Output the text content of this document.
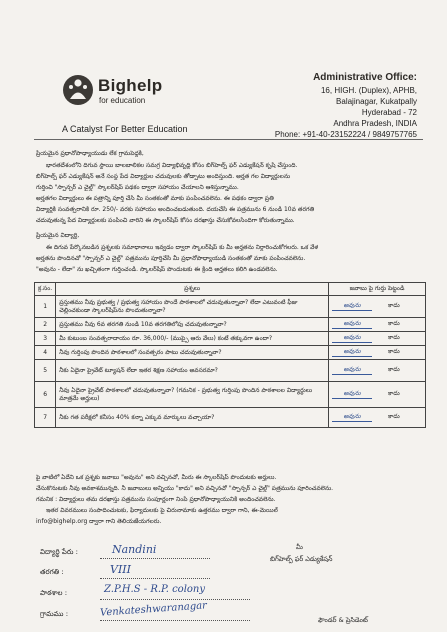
Bighelp
for education
A Catalyst For Better Education
Administrative Office:
16, HIGH. (Duplex), APHB,
Balajinagar, Kukatpally
Hyderabad - 72
Andhra Pradesh, INDIA
Phone: +91-40-23152224 / 9849757765
ప్రియమైన ప్రధానోపాధ్యాయుడు లేక గ్రామపెద్దకి,
భారతదేశంలోని దిగువ స్థాయి బాలబాలికల సమగ్ర విద్యాభివృద్ధి కోసం బిగ్‌హెల్ప్ ఫర్ ఎడ్యుకేషన్ కృషి చేస్తుంది.
బిగ్‌హెల్ప్ ఫర్ ఎడ్యుకేషన్ అనే సంస్థ పేద విద్యార్థుల చదువులకు తోడ్పాటు అందిస్తుంది. అర్హత గల విద్యార్థులను
గుర్తించి "స్పాన్సర్ ఎ చైల్డ్" స్కాలర్‌షిప్ పథకం ద్వారా సహాయం చేయాలని ఆశిస్తున్నాము.
అర్హతగల విద్యార్థులు ఈ పత్రాన్ని పూర్తి చేసి మీ సంతకంతో మాకు పంపించవలెను. ఈ పథకం ద్వారా ప్రతి
విద్యార్థికి సంవత్సరానికి రూ. 250/- వరకు సహాయం అందించబడుతుంది. దయచేసి ఈ పత్రమును 6 నుండి 10వ తరగతి
చదువుతున్న పేద విద్యార్థులకు పంపించి వారిని ఈ స్కాలర్‌షిప్ కోసం దరఖాస్తు చేసుకోవలసిందిగా కోరుతున్నాము.
ప్రియమైన విద్యార్థి,
ఈ దిగువ పేర్కొనబడిన ప్రశ్నలకు సమాధానాలు ఇవ్వడం ద్వారా స్కాలర్‌షిప్ కు మీ అర్హతను నిర్ధారించుకోగలరు. ఒక వేళ
అర్హతను పొందినచో "స్పాన్సర్ ఎ చైల్డ్" పత్రమును పూర్తిచేసి మీ ప్రధానోపాధ్యాయుడి సంతకంతో మాకు పంపించవలెను.
"అవును - లేదా" ను ఖచ్చితంగా గుర్తించండి. స్కాలర్‌షిప్ పొందుటకు ఈ క్రింది అర్హతలు కలిగి ఉండవలెను.
క్ర.సం.	ప్రశ్నలు	జవాబు పై గుర్తు పెట్టండి
1	ప్రస్తుతము నీవు ప్రభుత్వ / ప్రభుత్వ సహాయం పొందే పాఠశాలలో చదువుతున్నావా? లేదా ఎటువంటి ఫీజు చెల్లించకుండా స్కాలర్‌షిప్‌ను పొందుతున్నావా?	అవును కాదు
2	ప్రస్తుతము నీవు 6వ తరగతి నుండి 10వ తరగతిలోపు చదువుతున్నావా?	అవును కాదు
3	మీ కుటుంబ సంవత్సరాదాయం రూ. 36,000/- (ముప్పై ఆరు వేలు) కంటే తక్కువగా ఉందా?	అవును కాదు
4	నీవు గుర్తింపు పొందిన పాఠశాలలో సంవత్సరం పాటు చదువుతున్నావా?	అవును కాదు
5	నీకు ఏదైనా ప్రైవేట్ ట్యూషన్ లేదా ఇతర శిక్షణ సహాయం అవసరమా?	అవును కాదు
6	నీవు ఏదైనా ప్రైవేట్ పాఠశాలలో చదువుతున్నావా? (గమనిక - ప్రభుత్వ గుర్తింపు పొందిన పాఠశాలల విద్యార్థులు మాత్రమే అర్హులు)	అవును కాదు
7	నీకు గత పరీక్షలో కనీసం 40% కన్నా ఎక్కువ మార్కులు వచ్చాయా?	అవును కాదు
పై వాటిలో ఏదేని ఒక ప్రశ్నకు జవాబు "అవును" అని వచ్చినచో, మీరు ఈ స్కాలర్‌షిప్ పొందుటకు అర్హులు.
చేసుకొనుటకు నీవు అవకాశమున్నది. నీ జవాబులు అన్నియు "కాదు" అని వచ్చినచో "స్పాన్సర్ ఎ చైల్డ్" పత్రమును పూరించవలెను.
గమనిక : విద్యార్థులు తమ దరఖాస్తు పత్రమును సంపూర్ణంగా నింపి ప్రధానోపాధ్యాయునికి అందించవలెను.
ఇతర వివరములు సంపాదించుటకు, ఫిర్యాదులకు పై చిరునామాకు ఉత్తరము ద్వారా గాని, ఈ-మెయిల్
info@bighelp.org ద్వారా గాని తెలియజేయగలరు.
విద్యార్థి పేరు :	Nandini
తరగతి :	VIII
పాఠశాల :	Z.P.H.S - R.P. colony
గ్రామము :	Venkateshwaranagar
మీ
బిగ్‌హెల్ప్ ఫర్ ఎడ్యుకేషన్
ఫౌండర్ & ప్రెసిడెంట్
